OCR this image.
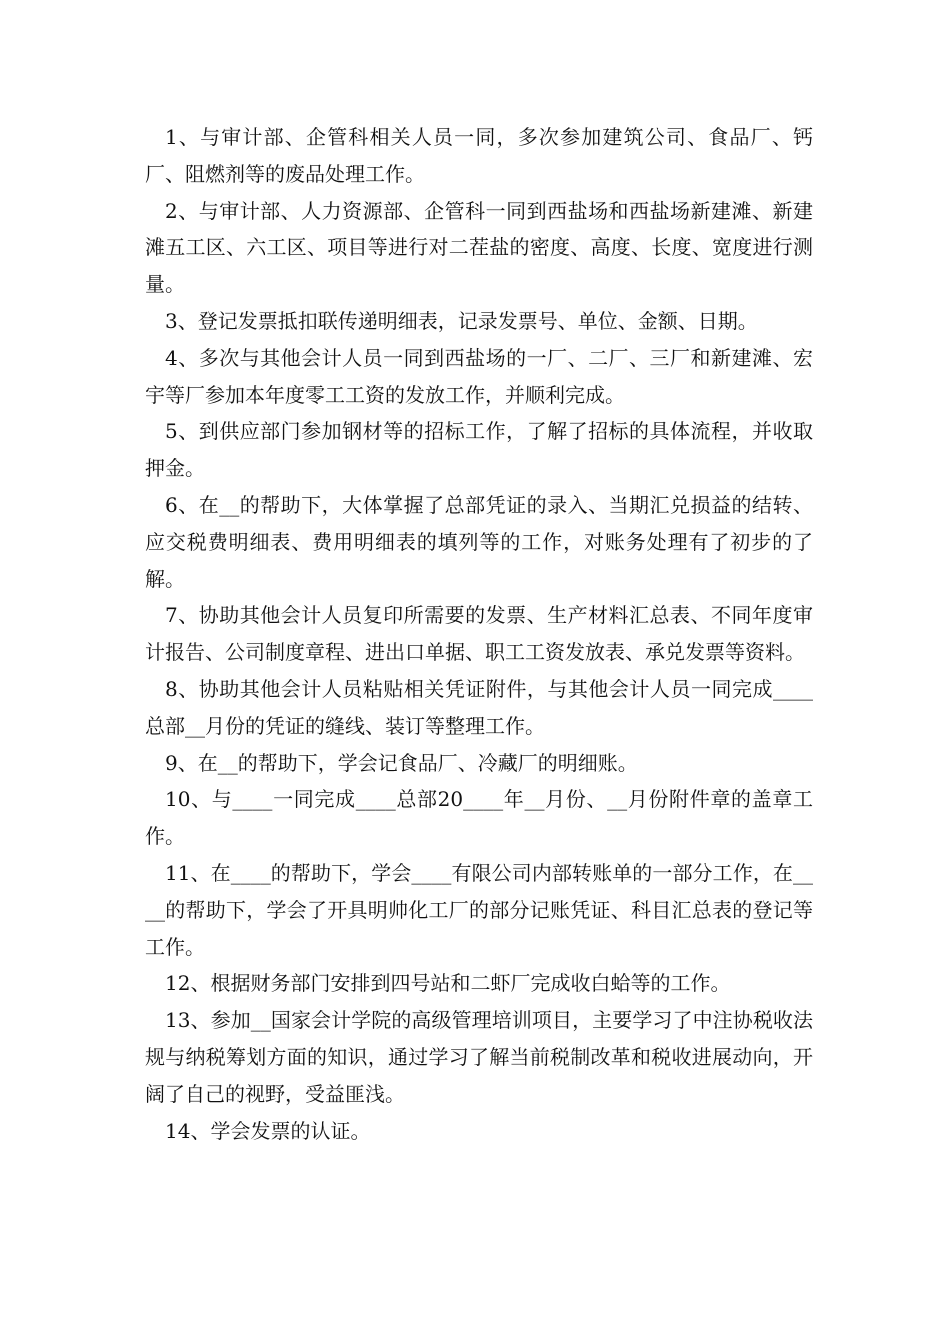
1、与审计部、企管科相关人员一同，多次参加建筑公司、食品厂、钙厂、阻燃剂等的废品处理工作。

2、与审计部、人力资源部、企管科一同到西盐场和西盐场新建滩、新建滩五工区、六工区、项目等进行对二茬盐的密度、高度、长度、宽度进行测量。

3、登记发票抵扣联传递明细表，记录发票号、单位、金额、日期。

4、多次与其他会计人员一同到西盐场的一厂、二厂、三厂和新建滩、宏宇等厂参加本年度零工工资的发放工作，并顺利完成。

5、到供应部门参加钢材等的招标工作，了解了招标的具体流程，并收取押金。

6、在__的帮助下，大体掌握了总部凭证的录入、当期汇兑损益的结转、应交税费明细表、费用明细表的填列等的工作，对账务处理有了初步的了解。

7、协助其他会计人员复印所需要的发票、生产材料汇总表、不同年度审计报告、公司制度章程、进出口单据、职工工资发放表、承兑发票等资料。

8、协助其他会计人员粘贴相关凭证附件，与其他会计人员一同完成____总部__月份的凭证的缝线、装订等整理工作。

9、在__的帮助下，学会记食品厂、冷藏厂的明细账。

10、与____一同完成____总部20____年__月份、__月份附件章的盖章工作。

11、在____的帮助下，学会____有限公司内部转账单的一部分工作，在____的帮助下，学会了开具明帅化工厂的部分记账凭证、科目汇总表的登记等工作。

12、根据财务部门安排到四号站和二虾厂完成收白蛤等的工作。

13、参加__国家会计学院的高级管理培训项目，主要学习了中注协税收法规与纳税筹划方面的知识，通过学习了解当前税制改革和税收进展动向，开阔了自己的视野，受益匪浅。

14、学会发票的认证。
